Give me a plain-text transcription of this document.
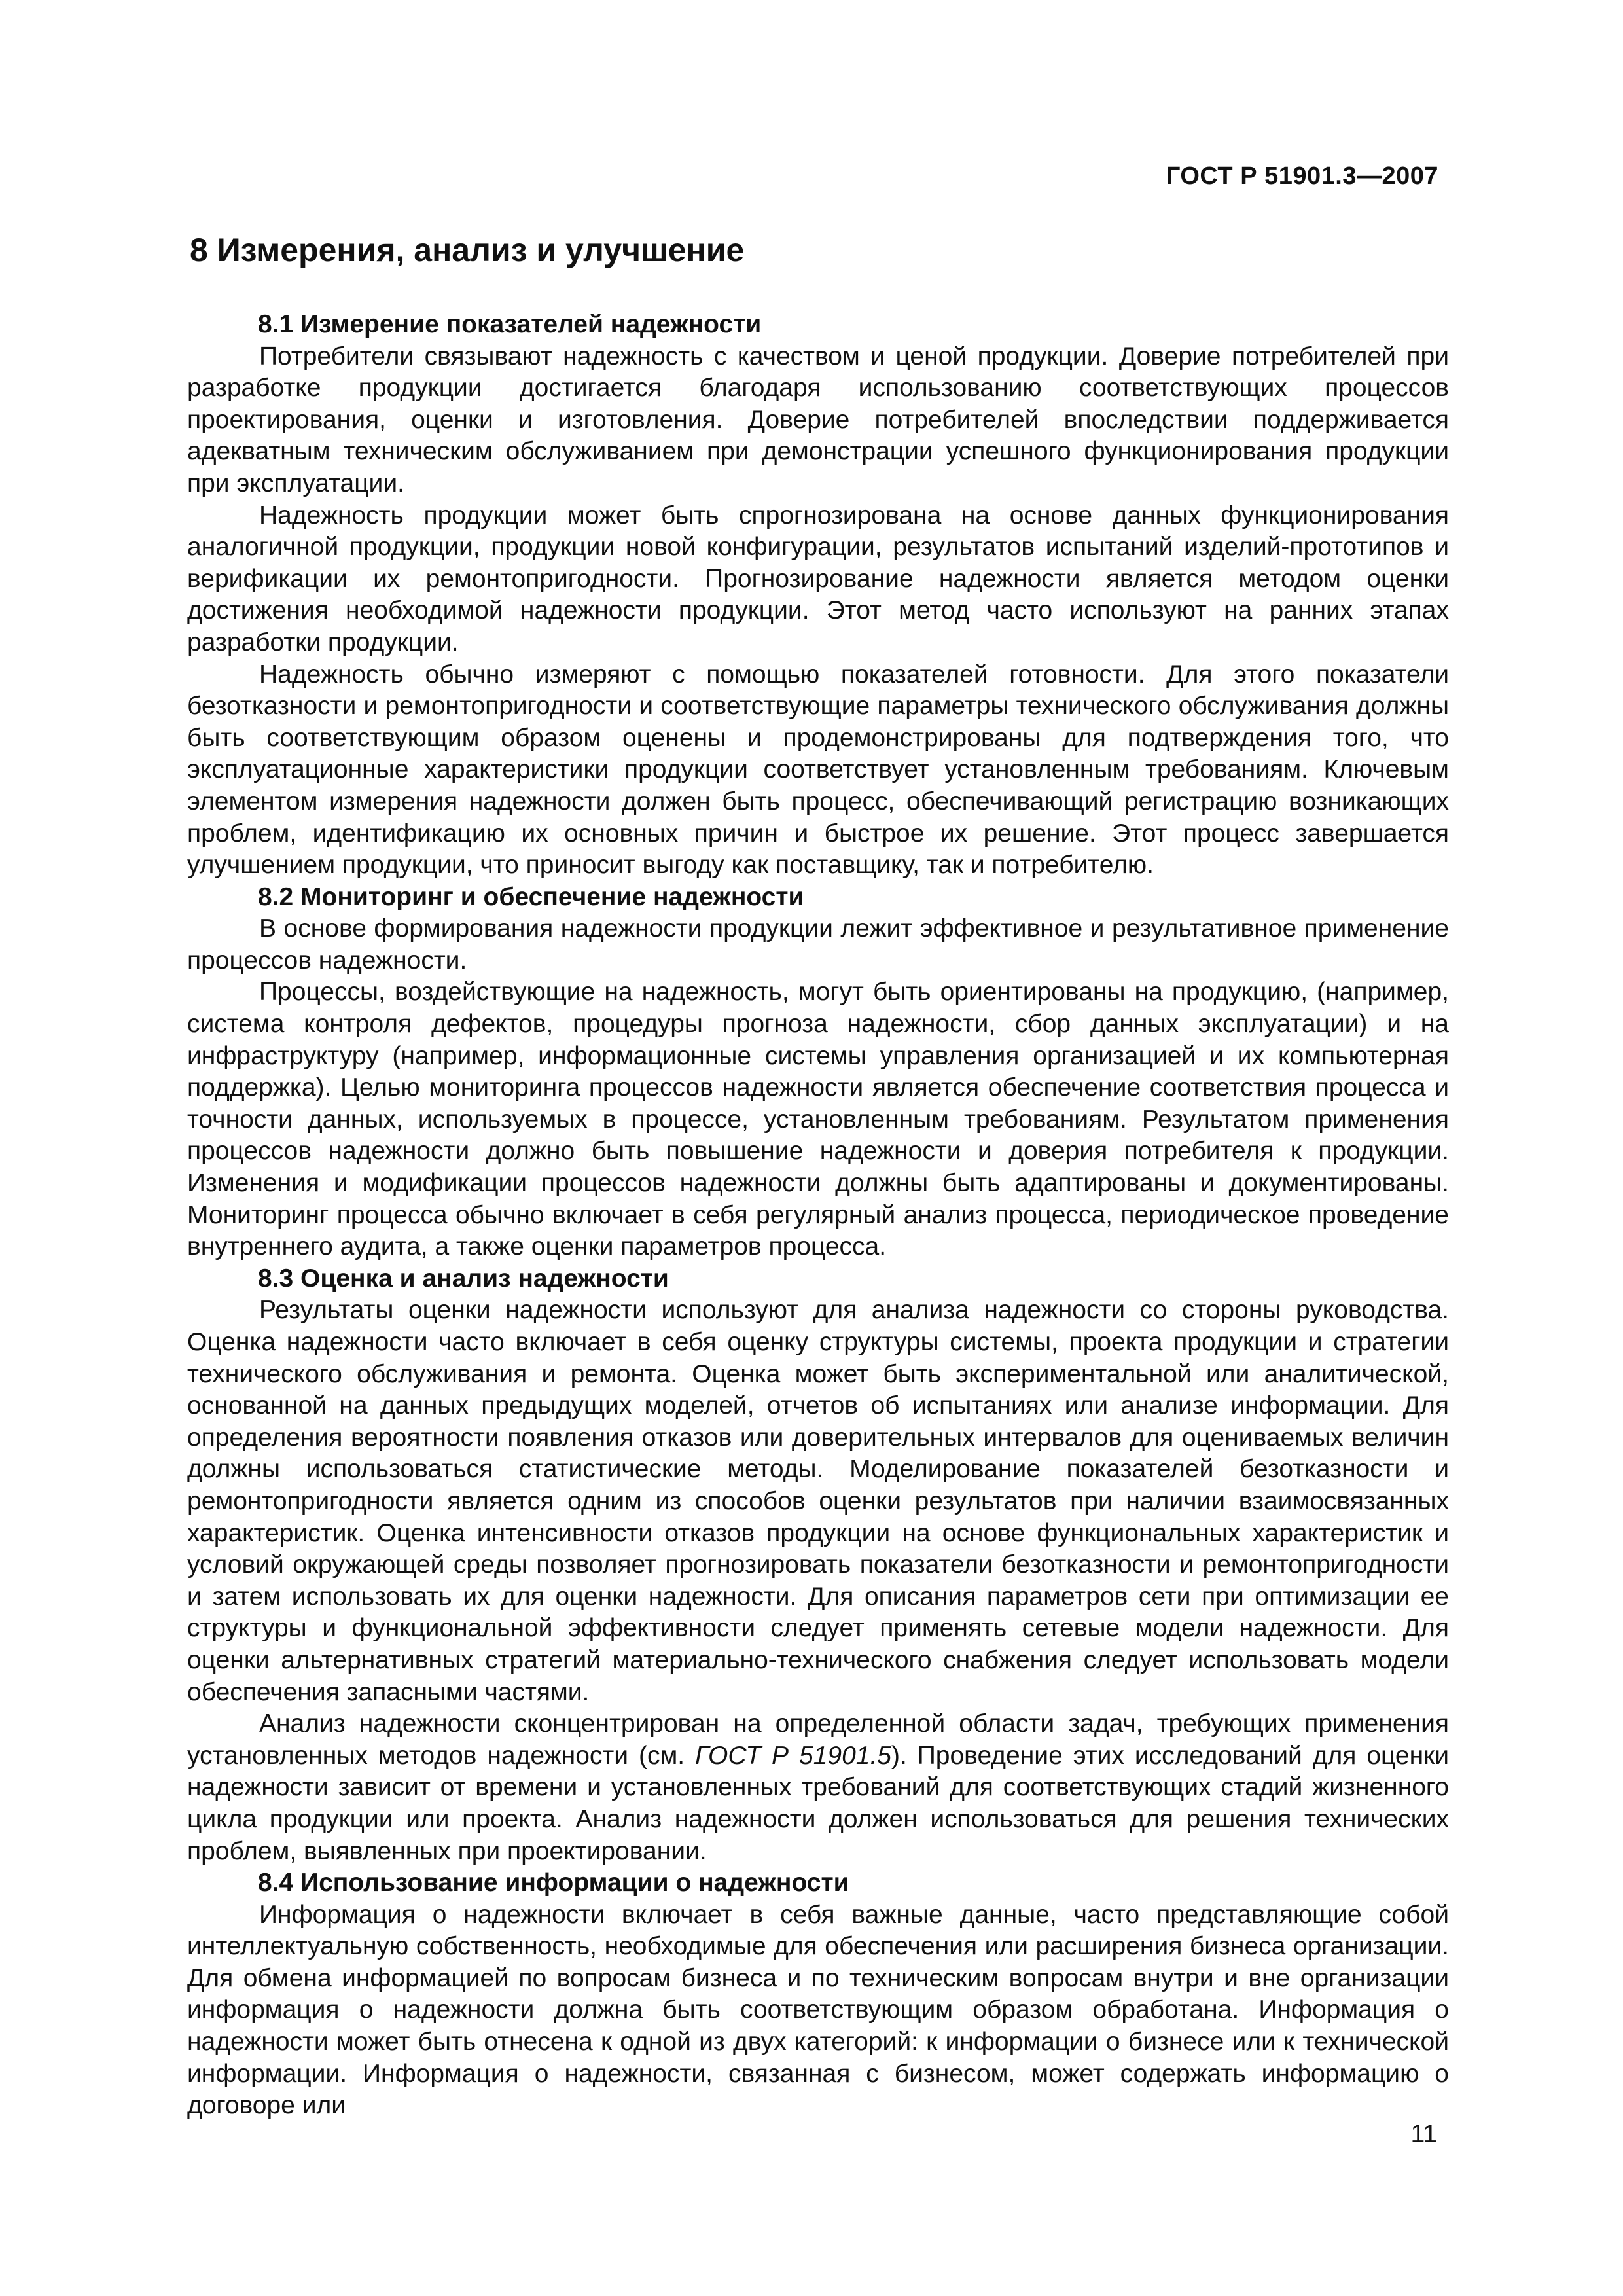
ГОСТ Р 51901.3—2007
8 Измерения, анализ и улучшение
8.1 Измерение показателей надежности

Потребители связывают надежность с качеством и ценой продукции. Доверие потребителей при разработке продукции достигается благодаря использованию соответствующих процессов проектирования, оценки и изготовления. Доверие потребителей впоследствии поддерживается адекватным техническим обслуживанием при демонстрации успешного функционирования продукции при эксплуатации.

Надежность продукции может быть спрогнозирована на основе данных функционирования аналогичной продукции, продукции новой конфигурации, результатов испытаний изделий-прототипов и верификации их ремонтопригодности. Прогнозирование надежности является методом оценки достижения необходимой надежности продукции. Этот метод часто используют на ранних этапах разработки продукции.

Надежность обычно измеряют с помощью показателей готовности. Для этого показатели безотказности и ремонтопригодности и соответствующие параметры технического обслуживания должны быть соответствующим образом оценены и продемонстрированы для подтверждения того, что эксплуатационные характеристики продукции соответствует установленным требованиям. Ключевым элементом измерения надежности должен быть процесс, обеспечивающий регистрацию возникающих проблем, идентификацию их основных причин и быстрое их решение. Этот процесс завершается улучшением продукции, что приносит выгоду как поставщику, так и потребителю.

8.2 Мониторинг и обеспечение надежности

В основе формирования надежности продукции лежит эффективное и результативное применение процессов надежности.

Процессы, воздействующие на надежность, могут быть ориентированы на продукцию, (например, система контроля дефектов, процедуры прогноза надежности, сбор данных эксплуатации) и на инфраструктуру (например, информационные системы управления организацией и их компьютерная поддержка). Целью мониторинга процессов надежности является обеспечение соответствия процесса и точности данных, используемых в процессе, установленным требованиям. Результатом применения процессов надежности должно быть повышение надежности и доверия потребителя к продукции. Изменения и модификации процессов надежности должны быть адаптированы и документированы. Мониторинг процесса обычно включает в себя регулярный анализ процесса, периодическое проведение внутреннего аудита, а также оценки параметров процесса.

8.3 Оценка и анализ надежности

Результаты оценки надежности используют для анализа надежности со стороны руководства. Оценка надежности часто включает в себя оценку структуры системы, проекта продукции и стратегии технического обслуживания и ремонта. Оценка может быть экспериментальной или аналитической, основанной на данных предыдущих моделей, отчетов об испытаниях или анализе информации. Для определения вероятности появления отказов или доверительных интервалов для оцениваемых величин должны использоваться статистические методы. Моделирование показателей безотказности и ремонтопригодности является одним из способов оценки результатов при наличии взаимосвязанных характеристик. Оценка интенсивности отказов продукции на основе функциональных характеристик и условий окружающей среды позволяет прогнозировать показатели безотказности и ремонтопригодности и затем использовать их для оценки надежности. Для описания параметров сети при оптимизации ее структуры и функциональной эффективности следует применять сетевые модели надежности. Для оценки альтернативных стратегий материально-технического снабжения следует использовать модели обеспечения запасными частями.

Анализ надежности сконцентрирован на определенной области задач, требующих применения установленных методов надежности (см. ГОСТ Р 51901.5). Проведение этих исследований для оценки надежности зависит от времени и установленных требований для соответствующих стадий жизненного цикла продукции или проекта. Анализ надежности должен использоваться для решения технических проблем, выявленных при проектировании.

8.4 Использование информации о надежности

Информация о надежности включает в себя важные данные, часто представляющие собой интеллектуальную собственность, необходимые для обеспечения или расширения бизнеса организации. Для обмена информацией по вопросам бизнеса и по техническим вопросам внутри и вне организации информация о надежности должна быть соответствующим образом обработана. Информация о надежности может быть отнесена к одной из двух категорий: к информации о бизнесе или к технической информации. Информация о надежности, связанная с бизнесом, может содержать информацию о договоре или

11
